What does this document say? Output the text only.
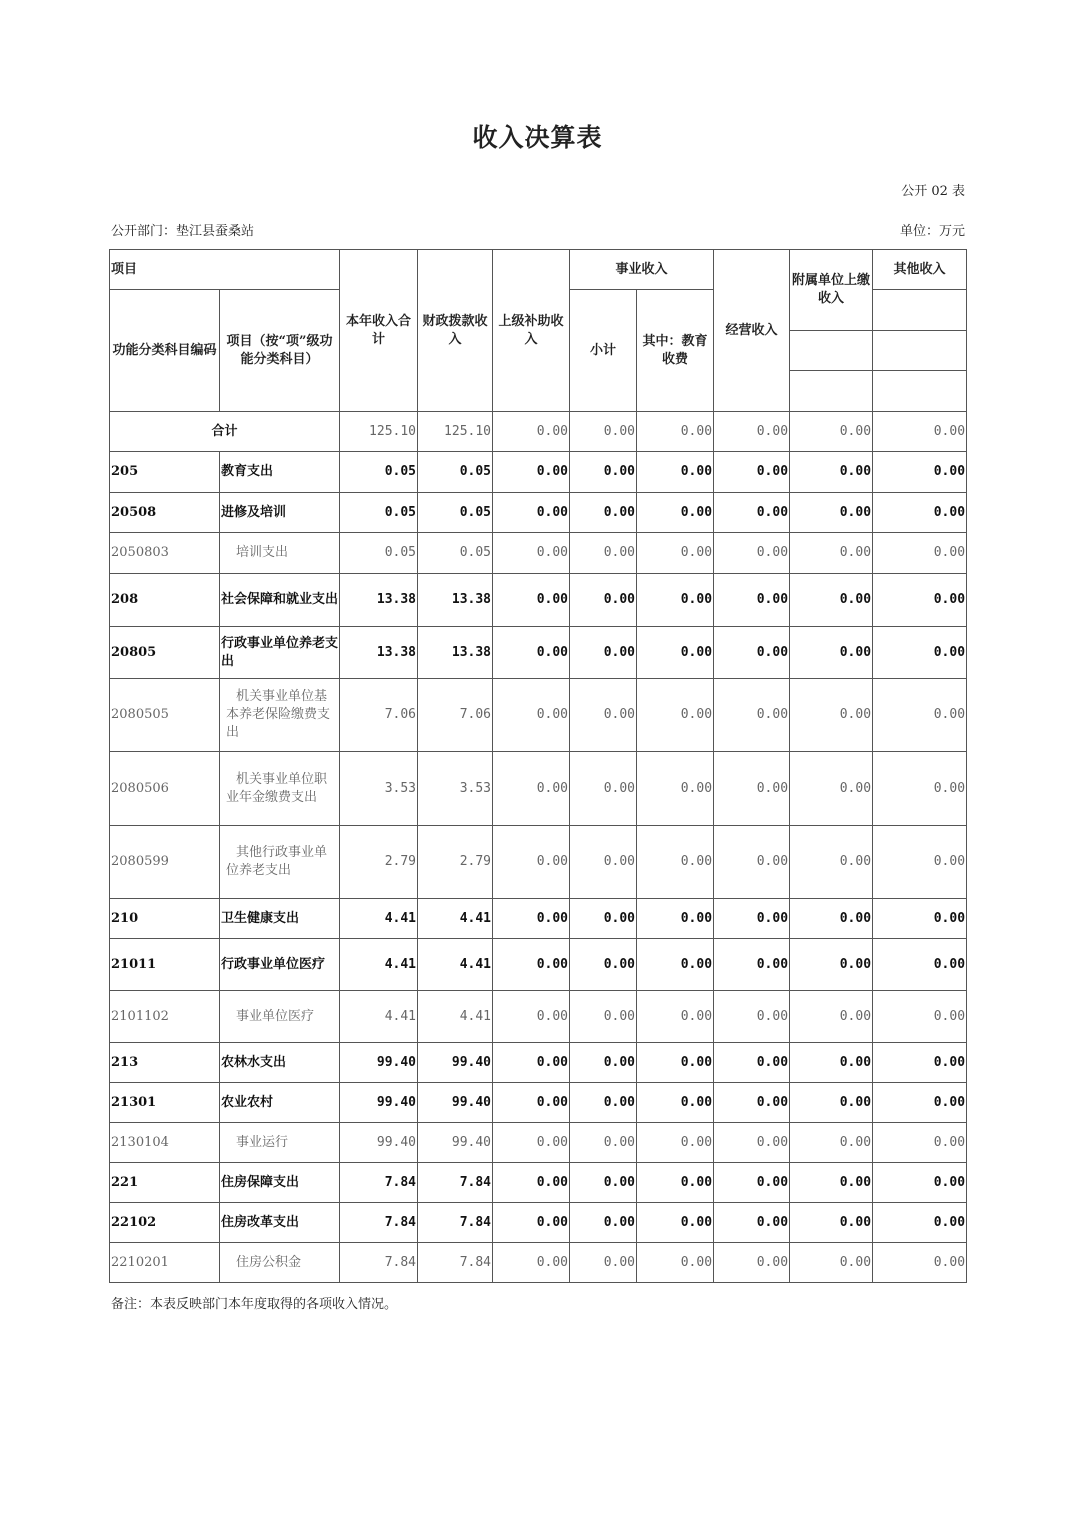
收入决算表
公开 02 表
公开部门：垫江县蚕桑站	单位：万元
项目		本年收入合计	财政拨款收入	上级补助收入	事业收入		经营收入	附属单位上缴收入	其他收入
功能分类科目编码	项目（按“项”级功能分类科目）				小计	其中：教育收费			

合计		125.10	125.10	0.00	0.00	0.00	0.00	0.00	0.00
205	教育支出	0.05	0.05	0.00	0.00	0.00	0.00	0.00	0.00
20508	进修及培训	0.05	0.05	0.00	0.00	0.00	0.00	0.00	0.00
2050803	培训支出	0.05	0.05	0.00	0.00	0.00	0.00	0.00	0.00
208	社会保障和就业支出	13.38	13.38	0.00	0.00	0.00	0.00	0.00	0.00
20805	行政事业单位养老支出	13.38	13.38	0.00	0.00	0.00	0.00	0.00	0.00
2080505	机关事业单位基本养老保险缴费支出	7.06	7.06	0.00	0.00	0.00	0.00	0.00	0.00
2080506	机关事业单位职业年金缴费支出	3.53	3.53	0.00	0.00	0.00	0.00	0.00	0.00
2080599	其他行政事业单位养老支出	2.79	2.79	0.00	0.00	0.00	0.00	0.00	0.00
210	卫生健康支出	4.41	4.41	0.00	0.00	0.00	0.00	0.00	0.00
21011	行政事业单位医疗	4.41	4.41	0.00	0.00	0.00	0.00	0.00	0.00
2101102	事业单位医疗	4.41	4.41	0.00	0.00	0.00	0.00	0.00	0.00
213	农林水支出	99.40	99.40	0.00	0.00	0.00	0.00	0.00	0.00
21301	农业农村	99.40	99.40	0.00	0.00	0.00	0.00	0.00	0.00
2130104	事业运行	99.40	99.40	0.00	0.00	0.00	0.00	0.00	0.00
221	住房保障支出	7.84	7.84	0.00	0.00	0.00	0.00	0.00	0.00
22102	住房改革支出	7.84	7.84	0.00	0.00	0.00	0.00	0.00	0.00
2210201	住房公积金	7.84	7.84	0.00	0.00	0.00	0.00	0.00	0.00
备注：本表反映部门本年度取得的各项收入情况。
